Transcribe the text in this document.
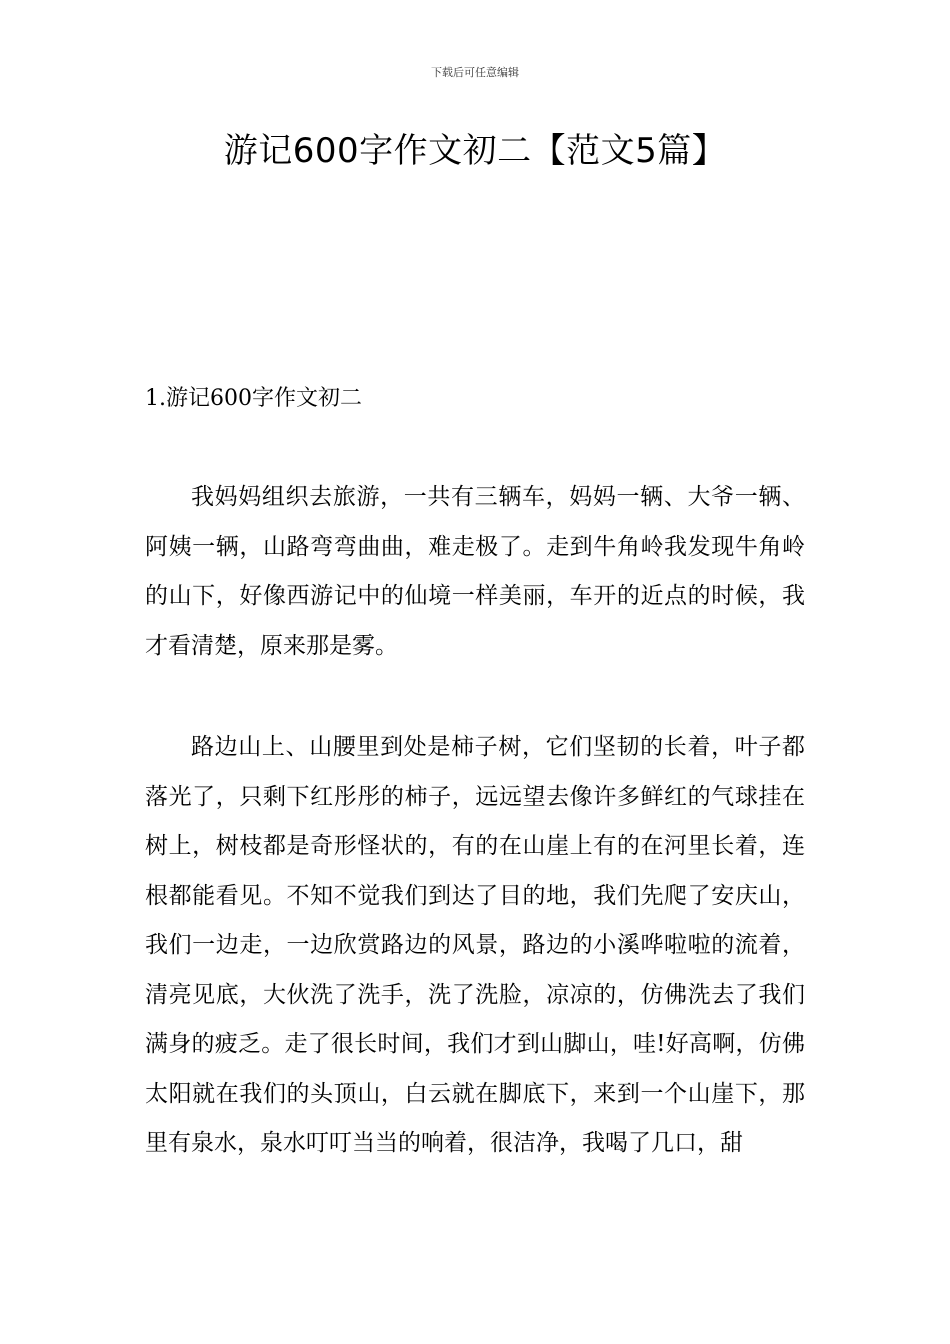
下载后可任意编辑
游记600字作文初二【范文5篇】
1.游记600字作文初二

我妈妈组织去旅游，一共有三辆车，妈妈一辆、大爷一辆、阿姨一辆，山路弯弯曲曲，难走极了。走到牛角岭我发现牛角岭的山下，好像西游记中的仙境一样美丽，车开的近点的时候，我才看清楚，原来那是雾。

路边山上、山腰里到处是柿子树，它们坚韧的长着，叶子都落光了，只剩下红彤彤的柿子，远远望去像许多鲜红的气球挂在树上，树枝都是奇形怪状的，有的在山崖上有的在河里长着，连根都能看见。不知不觉我们到达了目的地，我们先爬了安庆山，我们一边走，一边欣赏路边的风景，路边的小溪哗啦啦的流着，清亮见底，大伙洗了洗手，洗了洗脸，凉凉的，仿佛洗去了我们满身的疲乏。走了很长时间，我们才到山脚山，哇!好高啊，仿佛太阳就在我们的头顶山，白云就在脚底下，来到一个山崖下，那里有泉水，泉水叮叮当当的响着，很洁净，我喝了几口，甜
